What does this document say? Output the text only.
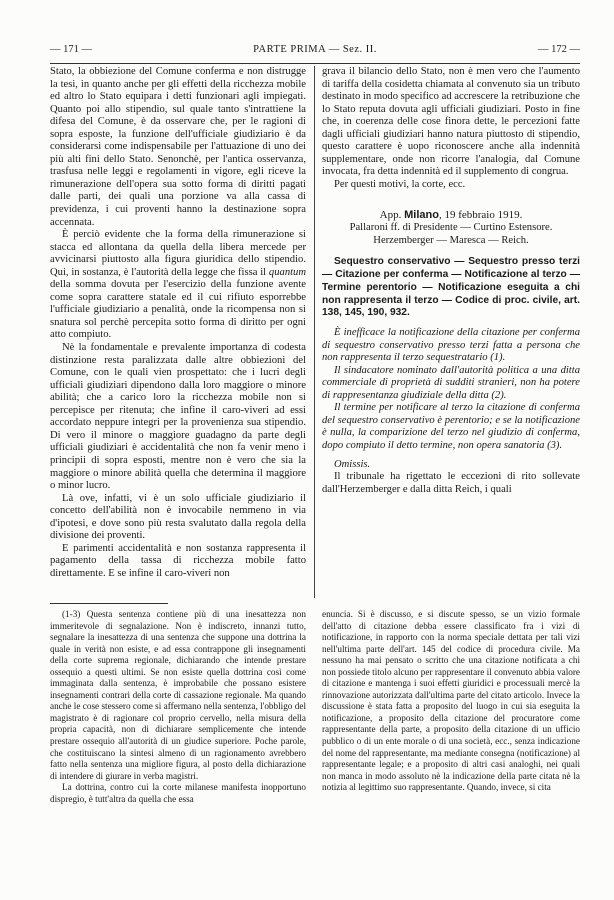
— 171 —	PARTE PRIMA — Sez. II.	— 172 —

Stato, la obbiezione del Comune conferma e non distrugge la tesi, in quanto anche per gli effetti della ricchezza mobile ed altro lo Stato equipara i detti funzionari agli impiegati. Quanto poi allo stipendio, sul quale tanto s'intrattiene la difesa del Comune, è da osservare che, per le ragioni di sopra esposte, la funzione dell'ufficiale giudiziario è da considerarsi come indispensabile per l'attuazione di uno dei più alti fini dello Stato. Senonchè, per l'antica osservanza, trasfusa nelle leggi e regolamenti in vigore, egli riceve la rimunerazione dell'opera sua sotto forma di diritti pagati dalle parti, dei quali una porzione va alla cassa di previdenza, i cui proventi hanno la destinazione sopra accennata.

È perciò evidente che la forma della rimunerazione si stacca ed allontana da quella della libera mercede per avvicinarsi piuttosto alla figura giuridica dello stipendio. Qui, in sostanza, è l'autorità della legge che fissa il quantum della somma dovuta per l'esercizio della funzione avente come sopra carattere statale ed il cui rifiuto esporrebbe l'ufficiale giudiziario a penalità, onde la ricompensa non si snatura sol perchè percepita sotto forma di diritto per ogni atto compiuto.

Nè la fondamentale e prevalente importanza di codesta distinzione resta paralizzata dalle altre obbiezioni del Comune, con le quali vien prospettato: che i lucri degli ufficiali giudiziari dipendono dalla loro maggiore o minore abilità; che a carico loro la ricchezza mobile non si percepisce per ritenuta; che infine il caro-viveri ad essi accordato neppure integri per la provenienza sua stipendio. Di vero il minore o maggiore guadagno da parte degli ufficiali giudiziari è accidentalità che non fa venir meno i principii di sopra esposti, mentre non è vero che sia la maggiore o minore abilità quella che determina il maggiore o minor lucro.

Là ove, infatti, vi è un solo ufficiale giudiziario il concetto dell'abilità non è invocabile nemmeno in via d'ipotesi, e dove sono più resta svalutato dalla regola della divisione dei proventi.

E parimenti accidentalità e non sostanza rappresenta il pagamento della tassa di ricchezza mobile fatto direttamente. E se infine il caro-viveri non

grava il bilancio dello Stato, non è men vero che l'aumento di tariffa della cosidetta chiamata al convenuto sia un tributo destinato in modo specifico ad accrescere la retribuzione che lo Stato reputa dovuta agli ufficiali giudiziari. Posto in fine che, in coerenza delle cose finora dette, le percezioni fatte dagli ufficiali giudiziari hanno natura piuttosto di stipendio, questo carattere è uopo riconoscere anche alla indennità supplementare, onde non ricorre l'analogia, dal Comune invocata, fra detta indennità ed il supplemento di congrua.

Per questi motivi, la corte, ecc.

App. Milano, 19 febbraio 1919.
Pallaroni ff. di Presidente — Curtino Estensore.
Herzemberger — Maresca — Reich.

Sequestro conservativo — Sequestro presso terzi — Citazione per conferma — Notificazione al terzo — Termine perentorio — Notificazione eseguita a chi non rappresenta il terzo — Codice di proc. civile, art. 138, 145, 190, 932.

È inefficace la notificazione della citazione per conferma di sequestro conservativo presso terzi fatta a persona che non rappresenta il terzo sequestratario (1).

Il sindacatore nominato dall'autorità politica a una ditta commerciale di proprietà di sudditi stranieri, non ha potere di rappresentanza giudiziale della ditta (2).

Il termine per notificare al terzo la citazione di conferma del sequestro conservativo è perentorio; e se la notificazione è nulla, la comparizione del terzo nel giudizio di conferma, dopo compiuto il detto termine, non opera sanatoria (3).

Omissis.

Il tribunale ha rigettato le eccezioni di rito sollevate dall'Herzemberger e dalla ditta Reich, i quali

(1-3) Questa sentenza contiene più di una inesattezza non immeritevole di segnalazione. Non è indiscreto, innanzi tutto, segnalare la inesattezza di una sentenza che suppone una dottrina la quale in verità non esiste, e ad essa contrappone gli insegnamenti della corte suprema regionale, dichiarando che intende prestare ossequio a questi ultimi. Se non esiste quella dottrina così come immaginata dalla sentenza, è improbabile che possano esistere insegnamenti contrari della corte di cassazione regionale. Ma quando anche le cose stessero come si affermano nella sentenza, l'obbligo del magistrato è di ragionare col proprio cervello, nella misura della propria capacità, non di dichiarare semplicemente che intende prestare ossequio all'autorità di un giudice superiore. Poche parole, che costituiscano la sintesi almeno di un ragionamento avrebbero fatto nella sentenza una migliore figura, al posto della dichiarazione di intendere di giurare in verba magistri.

La dottrina, contro cui la corte milanese manifesta inopportuno dispregio, è tutt'altra da quella che essa

enuncia. Si è discusso, e si discute spesso, se un vizio formale dell'atto di citazione debba essere classificato fra i vizi di notificazione, in rapporto con la norma speciale dettata per tali vizi nell'ultima parte dell'art. 145 del codice di procedura civile. Ma nessuno ha mai pensato o scritto che una citazione notificata a chi non possiede titolo alcuno per rappresentare il convenuto abbia valore di citazione e mantenga i suoi effetti giuridici e processuali mercè la rinnovazione autorizzata dall'ultima parte del citato articolo. Invece la discussione è stata fatta a proposito del luogo in cui sia eseguita la notificazione, a proposito della citazione del procuratore come rappresentante della parte, a proposito della citazione di un ufficio pubblico o di un ente morale o di una società, ecc., senza indicazione del nome del rappresentante, ma mediante consegna (notificazione) al rappresentante legale; e a proposito di altri casi analoghi, nei quali non manca in modo assoluto nè la indicazione della parte citata nè la notizia al legittimo suo rappresentante. Quando, invece, si cita
